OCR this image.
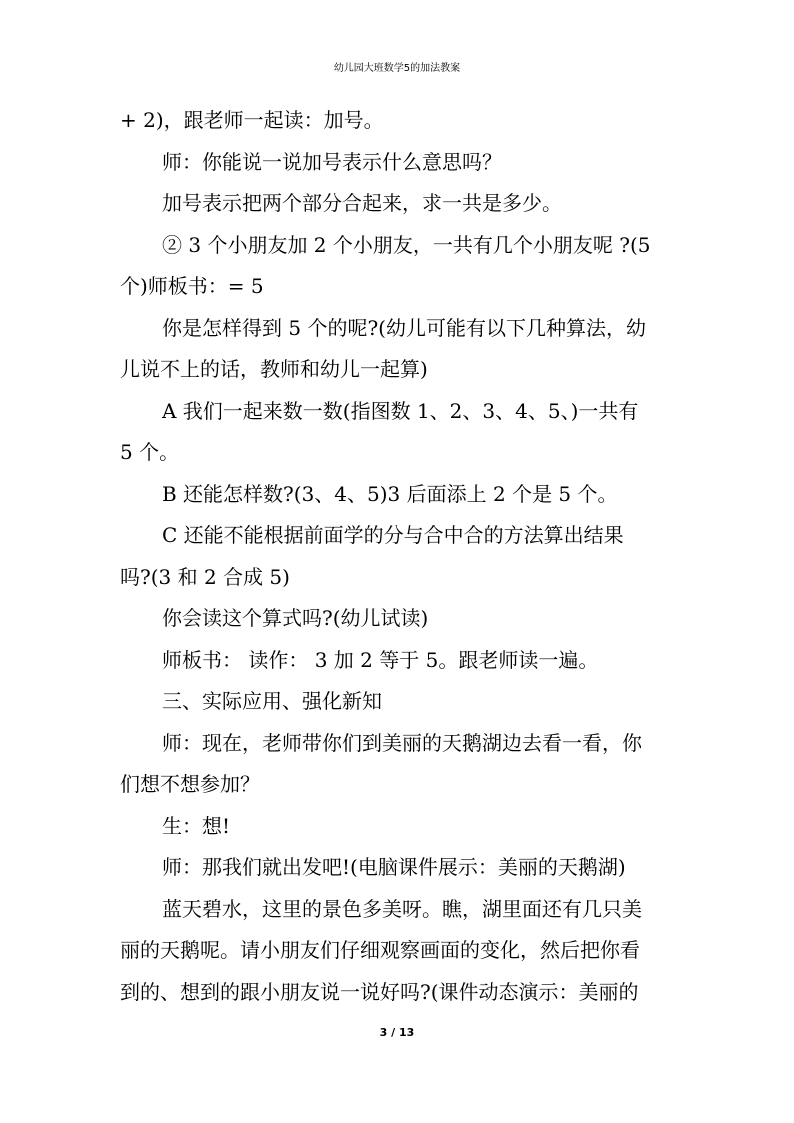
幼儿园大班数学5的加法教案
+ 2)，跟老师一起读：加号。
师：你能说一说加号表示什么意思吗？
加号表示把两个部分合起来，求一共是多少。
② 3 个小朋友加 2 个小朋友，一共有几个小朋友呢 ?(5
个)师板书：= 5
你是怎样得到 5 个的呢?(幼儿可能有以下几种算法，幼
儿说不上的话，教师和幼儿一起算)
A 我们一起来数一数(指图数 1、2、3、4、5、)一共有
5 个。
B 还能怎样数?(3、4、5)3 后面添上 2 个是 5 个。
C 还能不能根据前面学的分与合中合的方法算出结果
吗?(3 和 2 合成 5)
你会读这个算式吗?(幼儿试读)
师板书： 读作： 3 加 2 等于 5。跟老师读一遍。
三、实际应用、强化新知
师：现在，老师带你们到美丽的天鹅湖边去看一看，你
们想不想参加？
生：想!
师：那我们就出发吧!(电脑课件展示：美丽的天鹅湖)
蓝天碧水，这里的景色多美呀。瞧，湖里面还有几只美
丽的天鹅呢。请小朋友们仔细观察画面的变化，然后把你看
到的、想到的跟小朋友说一说好吗?(课件动态演示：美丽的
3 / 13
